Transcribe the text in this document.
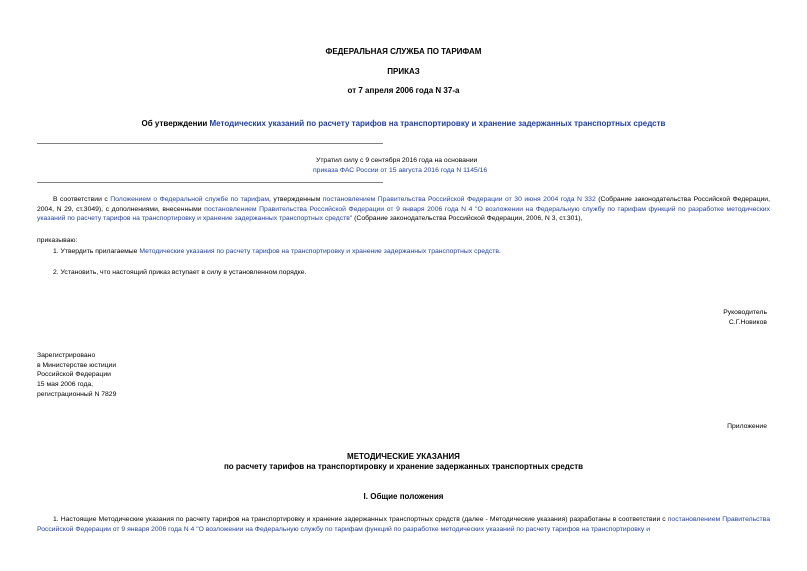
ФЕДЕРАЛЬНАЯ СЛУЖБА ПО ТАРИФАМ
ПРИКАЗ
от 7 апреля 2006 года N 37-а
Об утверждении Методических указаний по расчету тарифов на транспортировку и хранение задержанных транспортных средств
Утратил силу с 9 сентября 2016 года на основании
приказа ФАС России от 15 августа 2016 года N 1145/16
В соответствии с Положением о Федеральной службе по тарифам, утвержденным постановлением Правительства Российской Федерации от 30 июня 2004 года N 332 (Собрание законодательства Российской Федерации, 2004, N 29, ст.3049), с дополнениями, внесенными постановлением Правительства Российской Федерации от 9 января 2006 года N 4 "О возложении на Федеральную службу по тарифам функций по разработке методических указаний по расчету тарифов на транспортировку и хранение задержанных транспортных средств" (Собрание законодательства Российской Федерации, 2006, N 3, ст.301),
приказываю:
1. Утвердить прилагаемые Методические указания по расчету тарифов на транспортировку и хранение задержанных транспортных средств.
2. Установить, что настоящий приказ вступает в силу в установленном порядке.
Руководитель
С.Г.Новиков
Зарегистрировано
в Министерстве юстиции
Российской Федерации
15 мая 2006 года,
регистрационный N 7829
Приложение
МЕТОДИЧЕСКИЕ УКАЗАНИЯ
по расчету тарифов на транспортировку и хранение задержанных транспортных средств
I. Общие положения
1. Настоящие Методические указания по расчету тарифов на транспортировку и хранение задержанных транспортных средств (далее - Методические указания) разработаны в соответствии с постановлением Правительства Российской Федерации от 9 января 2006 года N 4 "О возложении на Федеральную службу по тарифам функций по разработке методических указаний по расчету тарифов на транспортировку и
